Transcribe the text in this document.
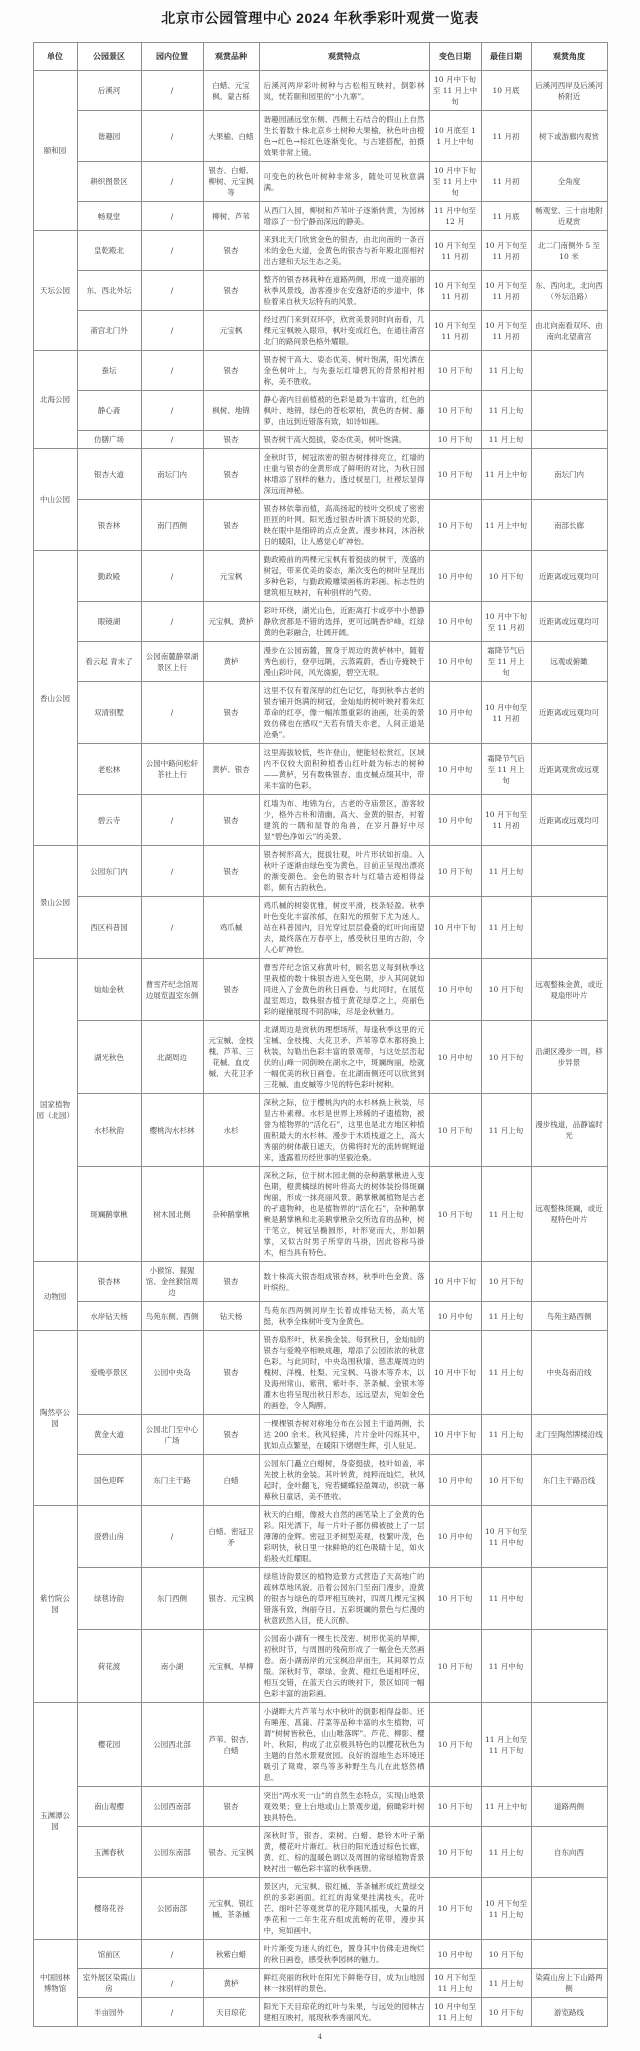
北京市公园管理中心 2024 年秋季彩叶观赏一览表
单位	公园景区	园内位置	观赏品种	观赏特点	变色日期	最佳日期	观赏角度
颐和园	后溪河	/	白蜡、元宝枫、蒙古栎	后溪河两岸彩叶树种与古松相互映衬，倒影林岚，恍若颐和园里的“小九寨”。	10 月中下旬至 11 月上中旬	10 月底	后溪河西岸及后溪河桥附近
	谐趣园	/	大果榆、白蜡	谐趣园涵远堂东侧、西侧土石结合的假山上自然生长着数十株北京乡土树种大果榆，秋色叶由橙色→红色→棕红色逐渐变化，与古建搭配，拍摄效果非常上镜。	10 月底至 11 月上中旬	11 月初	树下或游廊内观赏
	耕织图景区	/	银杏、白蜡、柳树、元宝枫等	可变色的秋色叶树种非常多，随处可见秋意满满。	10 月中下旬至 11 月上中旬	11 月初	全角度
	畅观堂	/	柳树、芦苇	从西门入园，柳树和芦苇叶子逐渐转黄，为园林增添了一份宁静而深远的静美。	11 月中旬至 12 月	11 月底	畅观堂、三十亩地附近观赏
天坛公园	皇乾殿北	/	银杏	来到北天门欣赏金色的银杏，由北向南的一条百米的金色大道，金黄色的银杏与祈年殿北面相衬出古建和天坛生态之美。	10 月下旬至 11 月初	10 月下旬至 11 月初	北二门南侧外 5 至 10 米
	东、西北外坛	/	银杏	整齐的银杏林栽种在道路两侧，形成一道亮丽的秋季风景线，游客漫步在安逸舒适的步道中，体验着来自秋天坛特有的风景。	10 月下旬至 11 月初	10 月下旬至 11 月初	东、西向北，北向西（外坛沿路）
	斋宫北门外	/	元宝枫	经过西门来到双环亭，欣赏美景同时向南看，几棵元宝枫映入眼帘，枫叶变成红色，在通往斋宫北门的路间景色格外耀眼。	10 月下旬至 11 月初	10 月下旬至 11 月初	由北向南看双环、由南向北望斋宫
北海公园	蚕坛	/	银杏	银杏树干高大、姿态优美、树叶饱满，阳光洒在金色树叶上，与先蚕坛红墙碧瓦的背景相衬相称，美不胜收。	10 月下旬	11 月上旬	
	静心斋	/	枫树、地锦	静心斋内目前植被的色彩是最为丰富的，红色的枫叶、地锦，绿色的苍松翠柏，黄色的杏树、藤萝，由远到近错落有致，如诗如画。	10 月下旬	11 月上旬	
	仿膳广场	/	银杏	银杏树干高大挺拔，姿态优美，树叶饱满。	10 月下旬	11 月上旬	
中山公园	银杏大道	南坛门内	银杏	金秋时节，树冠浓密的银杏树排排亮立，红墙的庄重与银杏的金黄形成了鲜明的对比，为秋日园林增添了别样的魅力。透过棂星门，社稷坛显得深远而神秘。	10 月下旬	11 月上中旬	南坛门内
	银杏林	南门西侧	银杏	银杏林依靠而植，高高扬起的枝叶交织成了密密匝匝的叶网。阳光透过银杏叶洒下斑驳的光影，映在眼中是细碎的点点金黄。漫步林间，沐浴秋日的暖阳，让人感觉心旷神怡。	10 月下旬	11 月上中旬	南部长廊
香山公园	勤政殿	/	元宝枫	勤政殿前的两棵元宝枫有着挺拔的树干，茂盛的树冠，带来优美的姿态，渐次变色的树叶呈现出多种色彩，与勤政殿雕梁画栋的彩画、标志性的建筑相互映衬，有种别样的气势。	10 月中旬	10 月下旬	近距离或远观均可
	眼镜湖	/	元宝枫、黄栌	彩叶环绕，湖光山色，近距离打卡或亭中小憩静静欣赏都是不错的选择，更可远眺香炉峰，红绿黄的色彩融合，壮阔开阔。	10 月中旬	10 月中下旬至 11 月初	近距离或远观均可
	看云起 青未了	公园南麓静翠湖景区上行	黄栌	漫步在公园南麓，置身于周边的黄栌林中，随着秀色前行，登亭远眺，云蒸霞蔚，香山寺掩映于漫山彩叶间，风光旖旎，碧空无垠。	10 月中旬	霜降节气后至 11 月上旬	远观或俯瞰
	双清别墅	/	银杏	这里不仅有着深厚的红色记忆，每到秋季古老的银杏铺开饱满的树冠，金灿灿的树叶映衬着朱红革命的红亭，像一幅浓墨重彩的油画，壮美的景致仿佛也在感叹“天若有情天亦老，人间正道是沧桑”。	10 月中旬	10 月中旬至 11 月初	近距离或远观均可
	老松林	公园中路问松轩茶社上行	黄栌、银杏	这里海拔较低，些许登山，便能轻松赏红。区域内不仅较大面积种植香山红叶最为标志的树种——黄栌，另有数株银杏、血皮槭点缀其中，带来丰富的色彩。	10 月中旬	霜降节气后至 11 月上旬	近距离观赏或远观
	碧云寺	/	银杏	红墙为布、地锦为台，古老的寺庙景区，游客较少，格外古朴和清幽。高大、金黄的银杏，衬着建筑的一隅和屋脊的角兽，在岁月静好中尽显“碧色净如云”的美景。	10 月中旬	10 月下旬至 11 月初	近距离或远观均可
景山公园	公园东门内	/	银杏	银杏树形高大，挺拔壮观，叶片形状如折扇。入秋叶子逐渐由绿色变为黄色，目前正呈现出漂亮的渐变颜色。金色的银杏叶与红墙古迹相得益彰，颇有古韵秋色。	10 月下旬	11 月上旬	
	西区科普园	/	鸡爪槭	鸡爪槭的树姿优雅，树皮平滑，枝条轻盈。秋季叶色变化丰富浓郁，在阳光的照射下尤为迷人。站在科普园内，目光穿过层层叠叠的红叶向南望去，最终落在万春亭上，感受秋日里的古韵，令人心旷神怡。	10 月中下旬	11 月上旬	
国家植物园（北园）	灿灿金秋	曹雪芹纪念馆周边展览温室东侧	银杏	曹雪芹纪念馆又称黄叶村，顾名思义每到秋季这里栽植的数十株银杏进入变色期，步入其间就如同进入了金黄色的秋日画卷。与此同时，在展览温室周边，数株银杏植于黄花绿草之上，亮丽色彩的碰撞展现不同韵味，尽是金秋魅力。	10 月中旬	10 月下旬	远观整株金黄，或近观扇形叶片
	湖光秋色	北湖周边	元宝槭、金枝槐、芦苇、三花槭、血皮槭、大花卫矛	北湖周边是赏秋的理想场所，每逢秋季这里的元宝槭、金枝槐、大花卫矛、芦苇等草木都将换上秋装，勾勒出色彩丰富的景观带，与这处层峦起伏的山峰一同倒映在湖水之中，斑斓绚丽，绘就一幅优美的秋日画卷。在北湖南侧还可以欣赏到三花槭、血皮槭等少见的特色彩叶树种。	10 月中旬	10 月下旬	沿湖区漫步一周，移步异景
	水杉秋韵	樱桃沟水杉林	水杉	深秋之际，位于樱桃沟内的水杉林换上秋装，尽显古朴素穆。水杉是世界上珍稀的孑遗植物，被誉为植物界的“活化石”，这里也是北方地区种植面积最大的水杉林。漫步于木质栈道之上，高大秀丽的树体蔽日遮天，仿佛将时光的流转娓娓道来，透露着历经世事的坚毅沧桑。	10 月下旬	11 月上旬	漫步栈道，品静谧时光
	斑斓鹅掌楸	树木园北侧	杂种鹅掌楸	深秋之际，位于树木园北侧的杂种鹅掌楸进入变色期，橙黄橘绿的树叶将高大的树体装扮得斑斓绚丽，形成一抹亮丽风景。鹅掌楸属植物是古老的孑遗物种，也是植物界的“活化石”，杂种鹅掌楸是鹅掌楸和北美鹅掌楸杂交所选育的品种，树干笔立，树冠呈椭圆形，叶形宽而大，形如鹅掌，又似古时男子所穿的马褂，因此俗称马褂木，相当具有特色。	10 月下旬	11 月上旬	远观整株斑斓，或近观特色叶片
动物园	银杏林	小猴馆、猩猩馆、金丝猴馆周边	银杏	数十株高大银杏组成银杏林，秋季叶色金黄、落叶缤纷。	10 月中下旬	10 月下旬	
	水岸钻天杨	鸟苑东侧、西侧	钻天杨	鸟苑东西两侧河岸生长着成排钻天杨，高大笔挺，秋季全株树叶变为金黄色。	10 月中旬	11 月上旬	鸟苑主路西侧
陶然亭公园	爱晚亭景区	公园中央岛	银杏	银杏扇形叶，秋来换金装。每到秋日，金灿灿的银杏与爱晚亭相映成趣，增添了公园浓浓的秋意色彩。与此同时，中央岛围秋墙、慈悲庵周边的槐树、洋槐、杜梨、元宝枫、马褂木等乔木，以及海州常山、紫荆、紫叶李、茶条槭、金银木等灌木也将呈现出秋日形态，远远望去，宛如金色的画卷，令人陶醉。	10 月中下旬	11 月上旬	中央岛南沿线
	黄金大道	公园北门至中心广场	银杏	一棵棵银杏树对称地分布在公园主干道两侧，长达 200 余米。秋风轻拂，片片金叶闪烁其中，犹如点点繁星，在暖阳下熠熠生辉，引人驻足。	10 月中下旬	11 月上旬	北门至陶然牌楼沿线
	国色迎晖	东门主干路	白蜡	公园东门矗立白蜡树，身姿挺拔，枝叶如盖，率先披上秋的金装。其叶转黄，纯粹而灿烂，秋风起时，金叶翻飞，宛若蝴蝶轻盈舞动，织就一幕幕秋日童话，美不胜收。	10 月中旬	10 月下旬	东门主干路沿线
紫竹院公园	澄碧山房	/	白蜡、密冠卫矛	秋天的白蜡，像被大自然的画笔染上了金黄的色彩。阳光洒下，每一片叶子都仿佛被披上了一层薄薄的金辉。密冠卫矛树型美观，枝繁叶茂，色彩明快，秋日里一抹鲜艳的红色吸睛十足，如火焰般火红耀眼。	10 月中旬	10 月下旬至 11 月中旬	
	绿毯诗韵	东门西侧	银杏、元宝枫	绿毯诗韵景区的植物造景方式营造了天高地广的疏林草地风貌。沿着公园东门至南门漫步，澄黄的银杏与绿色的草坪相互映衬，四周几棵元宝枫错落有致，绚丽夺目。五彩斑斓的景色与烂漫的秋意跃然入目，使人沉醉。	10 月下旬	11 月中旬	
	荷花渡	南小湖	元宝枫、旱柳	公园南小湖有一棵生长茂密、树形优美的旱柳，初秋时节，与周围的残荷形成了一幅金色天然画卷。南小湖南岸的元宝枫沿岸而生，其间翠竹点缀。深秋时节，翠绿、金黄、橙红色遥相呼应，相互交错，在蓝天白云的映衬下，景区如同一幅色彩丰富的油彩画。	10 月下旬	11 月中旬	
玉渊潭公园	樱花园	公园西北部	芦苇、银杏、白蜡	小湖畔大片芦苇与水中秋叶的倒影相得益彰。还有睡莲、菖蒲、荇菜等品种丰富的水生植物，可谓“树树皆秋色，山山唯落晖”。芦花、柳影、樱叶、秋阳，构成了北京极具特色的以樱花秋色为主题的自然水景观赏园。良好的湿地生态环境还吸引了鸳鸯、翠鸟等多种野生鸟儿在此悠然栖息。	10 月下旬	11 月上旬至 11 月下旬	
	南山观樱	公园西南部	银杏	突出“两水夹一山”的自然生态特点，实现山地景观效果；登上台地或山上景观步道，俯瞰彩叶树独具特色。	10 月下旬	11 月上中旬	道路两侧
	玉渊春秋	公园东南部	银杏、元宝枫	深秋时节，银杏、栾树、白蜡、悬铃木叶子渐黄，樱花叶片渐红。秋日的阳光透过棕色长廊，黄、红、棕的温暖色调以及周围的常绿植物背景映衬出一幅色彩丰富的秋季画册。	10 月下旬	11 月上旬	自东向西
	樱珞花谷	公园南部	元宝枫、银红槭、茶条槭	景区内，元宝枫、银红槭、茶条槭形成红黄绿交织的多彩画面。红红的海棠果挂满枝头，花叶芒、细叶芒等观赏草的花序随风摇曳，大量的月季花和一二年生花卉组成流畅的花带，漫步其中，宛如画中。	10 月下旬	10 月下旬至 11 月上旬	
中国园林博物馆	馆前区	/	秋紫白蜡	叶片渐变为迷人的红色，置身其中仿佛走进绚烂的秋日画卷，感受秋季园林的魅力。	10 月中旬	10 月下旬	
	室外展区染霞山房	/	黄栌	鲜红亮丽的秋叶在阳光下鲜艳夺目，成为山地园林一抹别样的景色。	10 月下旬至 11 月上旬	11 月上旬	染霞山房上下山路两侧
	半亩园外	/	天目琼花	阳光下天目琼花的红叶与朱果，与远处的园林古建相互映衬，展现秋季秀丽风光。	10 月中旬至 11 月上旬	10 月下旬	游览路线
4
